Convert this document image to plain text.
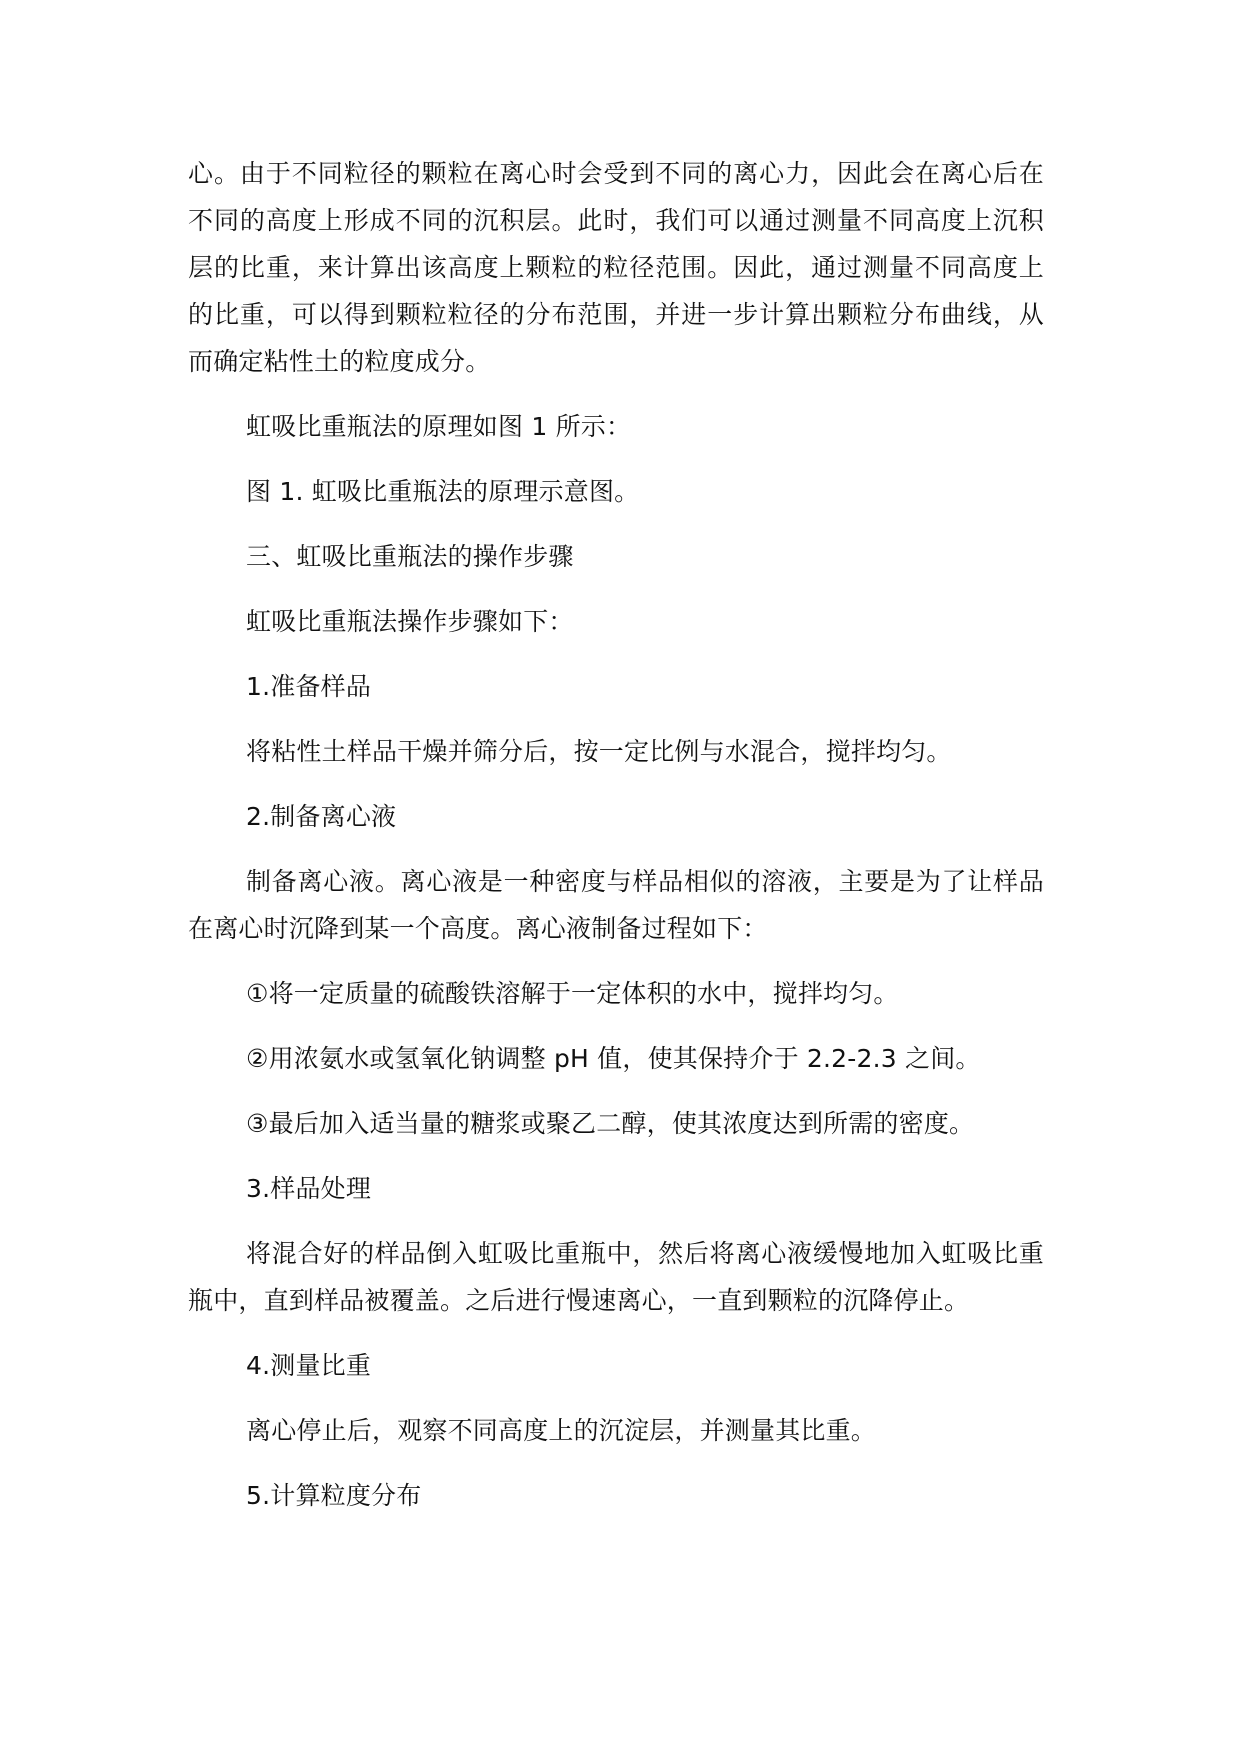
心。由于不同粒径的颗粒在离心时会受到不同的离心力，因此会在离心后在不同的高度上形成不同的沉积层。此时，我们可以通过测量不同高度上沉积层的比重，来计算出该高度上颗粒的粒径范围。因此，通过测量不同高度上的比重，可以得到颗粒粒径的分布范围，并进一步计算出颗粒分布曲线，从而确定粘性土的粒度成分。

虹吸比重瓶法的原理如图 1 所示：

图 1. 虹吸比重瓶法的原理示意图。

三、虹吸比重瓶法的操作步骤

虹吸比重瓶法操作步骤如下：

1.准备样品

将粘性土样品干燥并筛分后，按一定比例与水混合，搅拌均匀。

2.制备离心液

制备离心液。离心液是一种密度与样品相似的溶液，主要是为了让样品在离心时沉降到某一个高度。离心液制备过程如下：

①将一定质量的硫酸铁溶解于一定体积的水中，搅拌均匀。

②用浓氨水或氢氧化钠调整 pH 值，使其保持介于 2.2-2.3 之间。

③最后加入适当量的糖浆或聚乙二醇，使其浓度达到所需的密度。

3.样品处理

将混合好的样品倒入虹吸比重瓶中，然后将离心液缓慢地加入虹吸比重瓶中，直到样品被覆盖。之后进行慢速离心，一直到颗粒的沉降停止。

4.测量比重

离心停止后，观察不同高度上的沉淀层，并测量其比重。

5.计算粒度分布
